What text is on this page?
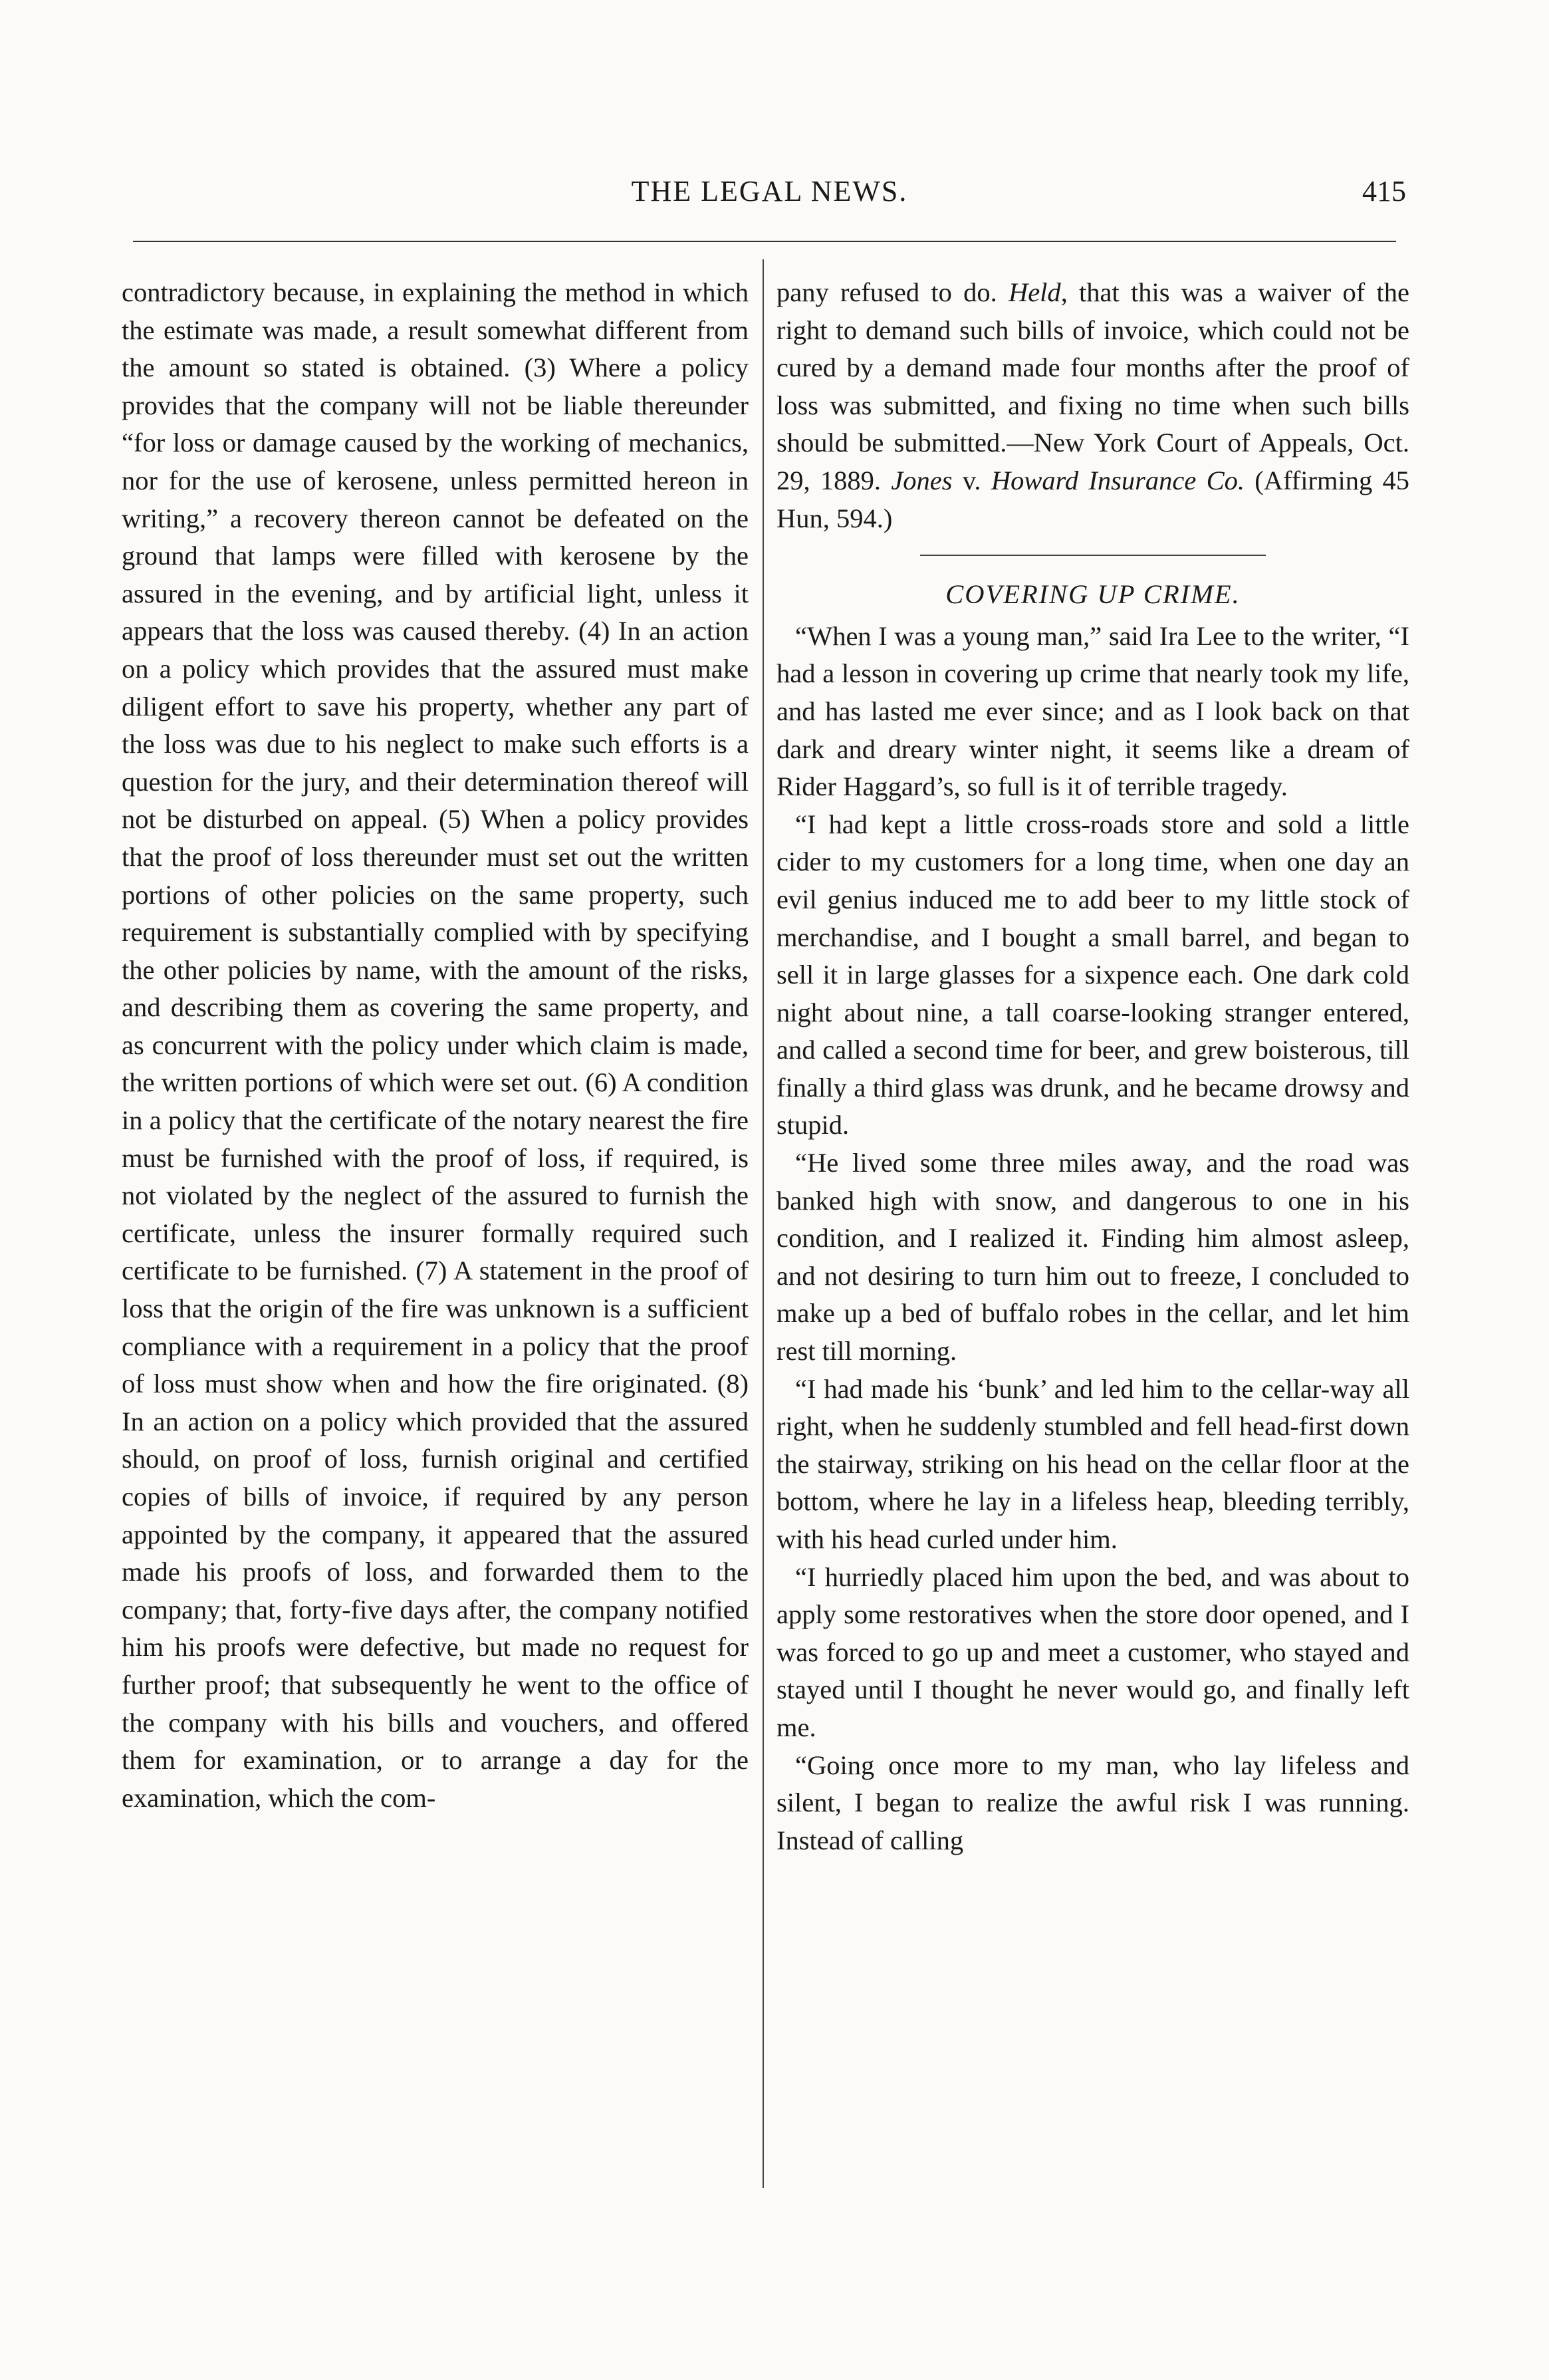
THE LEGAL NEWS.	415

contradictory because, in explaining the method in which the estimate was made, a result somewhat different from the amount so stated is obtained. (3) Where a policy provides that the company will not be liable thereunder “for loss or damage caused by the working of mechanics, nor for the use of kerosene, unless permitted hereon in writing,” a recovery thereon cannot be defeated on the ground that lamps were filled with kerosene by the assured in the evening, and by artificial light, unless it appears that the loss was caused thereby. (4) In an action on a policy which provides that the assured must make diligent effort to save his property, whether any part of the loss was due to his neglect to make such efforts is a question for the jury, and their determination thereof will not be disturbed on appeal. (5) When a policy provides that the proof of loss thereunder must set out the written portions of other policies on the same property, such requirement is substantially complied with by specifying the other policies by name, with the amount of the risks, and describing them as covering the same property, and as concurrent with the policy under which claim is made, the written portions of which were set out. (6) A condition in a policy that the certificate of the notary nearest the fire must be furnished with the proof of loss, if required, is not violated by the neglect of the assured to furnish the certificate, unless the insurer formally required such certificate to be furnished. (7) A statement in the proof of loss that the origin of the fire was unknown is a sufficient compliance with a requirement in a policy that the proof of loss must show when and how the fire originated. (8) In an action on a policy which provided that the assured should, on proof of loss, furnish original and certified copies of bills of invoice, if required by any person appointed by the company, it appeared that the assured made his proofs of loss, and forwarded them to the company; that, forty-five days after, the company notified him his proofs were defective, but made no request for further proof; that subsequently he went to the office of the company with his bills and vouchers, and offered them for examination, or to arrange a day for the examination, which the com-

pany refused to do. Held, that this was a waiver of the right to demand such bills of invoice, which could not be cured by a demand made four months after the proof of loss was submitted, and fixing no time when such bills should be submitted.—New York Court of Appeals, Oct. 29, 1889. Jones v. Howard Insurance Co. (Affirming 45 Hun, 594.)

COVERING UP CRIME.

“When I was a young man,” said Ira Lee to the writer, “I had a lesson in covering up crime that nearly took my life, and has lasted me ever since; and as I look back on that dark and dreary winter night, it seems like a dream of Rider Haggard’s, so full is it of terrible tragedy.

“I had kept a little cross-roads store and sold a little cider to my customers for a long time, when one day an evil genius induced me to add beer to my little stock of merchandise, and I bought a small barrel, and began to sell it in large glasses for a sixpence each. One dark cold night about nine, a tall coarse-looking stranger entered, and called a second time for beer, and grew boisterous, till finally a third glass was drunk, and he became drowsy and stupid.

“He lived some three miles away, and the road was banked high with snow, and dangerous to one in his condition, and I realized it. Finding him almost asleep, and not desiring to turn him out to freeze, I concluded to make up a bed of buffalo robes in the cellar, and let him rest till morning.

“I had made his ‘bunk’ and led him to the cellar-way all right, when he suddenly stumbled and fell head-first down the stairway, striking on his head on the cellar floor at the bottom, where he lay in a lifeless heap, bleeding terribly, with his head curled under him.

“I hurriedly placed him upon the bed, and was about to apply some restoratives when the store door opened, and I was forced to go up and meet a customer, who stayed and stayed until I thought he never would go, and finally left me.

“Going once more to my man, who lay lifeless and silent, I began to realize the awful risk I was running. Instead of calling
